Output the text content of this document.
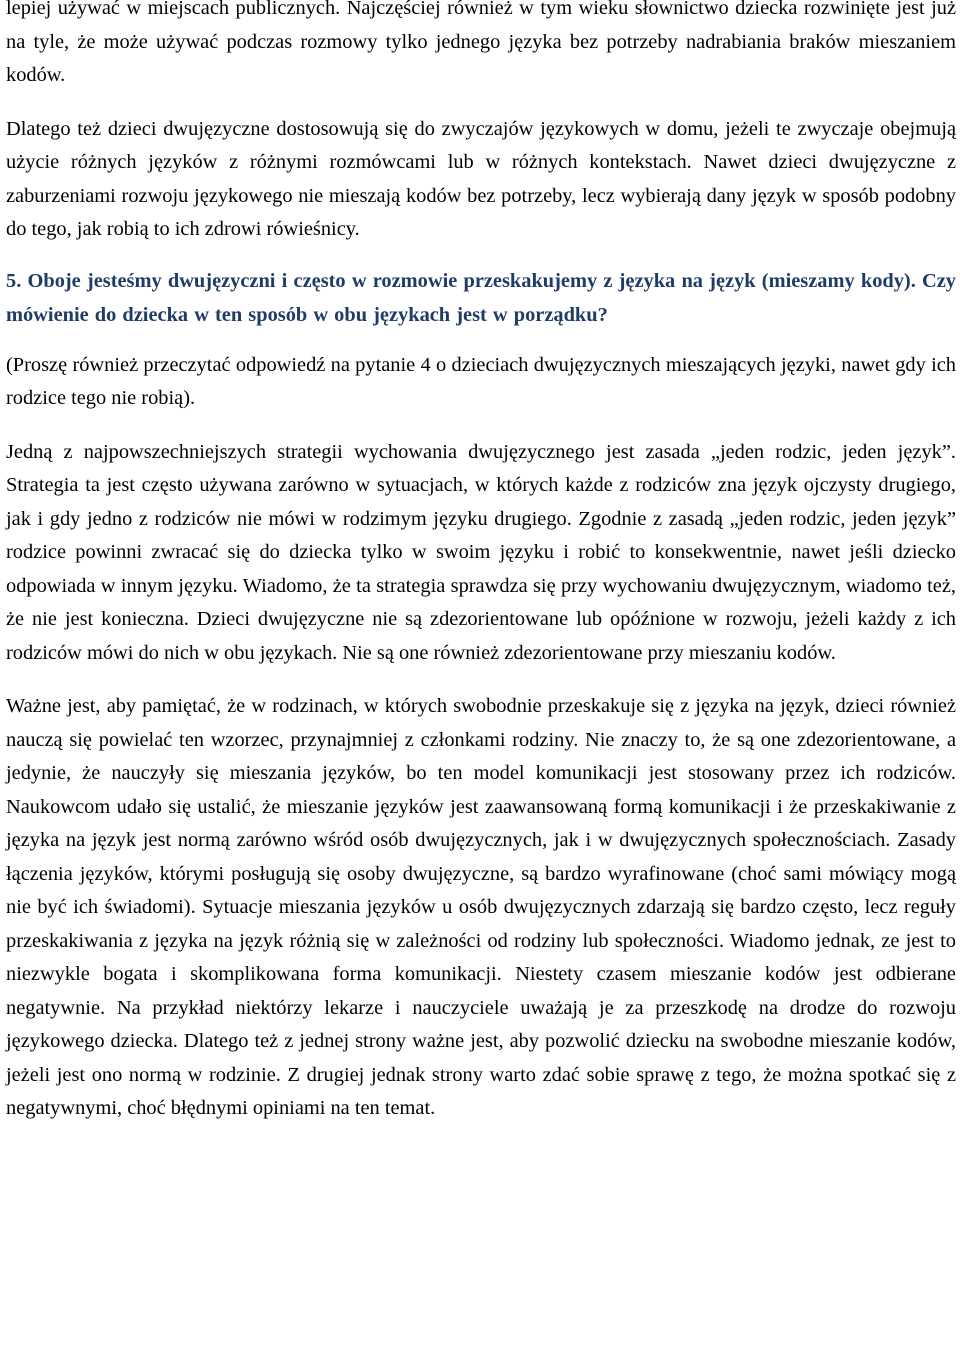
lepiej używać w miejscach publicznych. Najczęściej również w tym wieku słownictwo dziecka rozwinięte jest już na tyle, że może używać podczas rozmowy tylko jednego języka bez potrzeby nadrabiania braków mieszaniem kodów.

Dlatego też dzieci dwujęzyczne dostosowują się do zwyczajów językowych w domu, jeżeli te zwyczaje obejmują użycie różnych języków z różnymi rozmówcami lub w różnych kontekstach. Nawet dzieci dwujęzyczne z zaburzeniami rozwoju językowego nie mieszają kodów bez potrzeby, lecz wybierają dany język w sposób podobny do tego, jak robią to ich zdrowi rówieśnicy.

5. Oboje jesteśmy dwujęzyczni i często w rozmowie przeskakujemy z języka na język (mieszamy kody). Czy mówienie do dziecka w ten sposób w obu językach jest w porządku?

(Proszę również przeczytać odpowiedź na pytanie 4 o dzieciach dwujęzycznych mieszających języki, nawet gdy ich rodzice tego nie robią).

Jedną z najpowszechniejszych strategii wychowania dwujęzycznego jest zasada „jeden rodzic, jeden język”. Strategia ta jest często używana zarówno w sytuacjach, w których każde z rodziców zna język ojczysty drugiego, jak i gdy jedno z rodziców nie mówi w rodzimym języku drugiego. Zgodnie z zasadą „jeden rodzic, jeden język” rodzice powinni zwracać się do dziecka tylko w swoim języku i robić to konsekwentnie, nawet jeśli dziecko odpowiada w innym języku. Wiadomo, że ta strategia sprawdza się przy wychowaniu dwujęzycznym, wiadomo też, że nie jest konieczna. Dzieci dwujęzyczne nie są zdezorientowane lub opóźnione w rozwoju, jeżeli każdy z ich rodziców mówi do nich w obu językach. Nie są one również zdezorientowane przy mieszaniu kodów.

Ważne jest, aby pamiętać, że w rodzinach, w których swobodnie przeskakuje się z języka na język, dzieci również nauczą się powielać ten wzorzec, przynajmniej z członkami rodziny. Nie znaczy to, że są one zdezorientowane, a jedynie, że nauczyły się mieszania języków, bo ten model komunikacji jest stosowany przez ich rodziców. Naukowcom udało się ustalić, że mieszanie języków jest zaawansowaną formą komunikacji i że przeskakiwanie z języka na język jest normą zarówno wśród osób dwujęzycznych, jak i w dwujęzycznych społecznościach. Zasady łączenia języków, którymi posługują się osoby dwujęzyczne, są bardzo wyrafinowane (choć sami mówiący mogą nie być ich świadomi). Sytuacje mieszania języków u osób dwujęzycznych zdarzają się bardzo często, lecz reguły przeskakiwania z języka na język różnią się w zależności od rodziny lub społeczności. Wiadomo jednak, ze jest to niezwykle bogata i skomplikowana forma komunikacji. Niestety czasem mieszanie kodów jest odbierane negatywnie. Na przykład niektórzy lekarze i nauczyciele uważają je za przeszkodę na drodze do rozwoju językowego dziecka. Dlatego też z jednej strony ważne jest, aby pozwolić dziecku na swobodne mieszanie kodów, jeżeli jest ono normą w rodzinie. Z drugiej jednak strony warto zdać sobie sprawę z tego, że można spotkać się z negatywnymi, choć błędnymi opiniami na ten temat.
